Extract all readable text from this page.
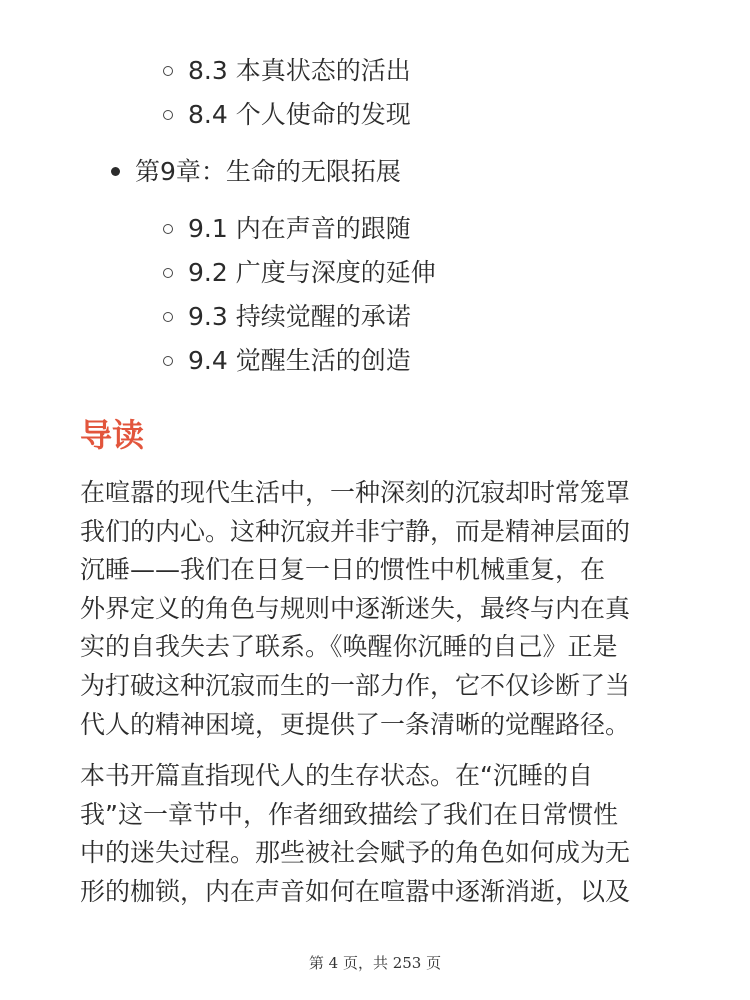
8.3 本真状态的活出
8.4 个人使命的发现
第9章：生命的无限拓展
9.1 内在声音的跟随
9.2 广度与深度的延伸
9.3 持续觉醒的承诺
9.4 觉醒生活的创造
导读

在喧嚣的现代生活中，一种深刻的沉寂却时常笼罩
我们的内心。这种沉寂并非宁静，而是精神层面的
沉睡——我们在日复一日的惯性中机械重复，在
外界定义的角色与规则中逐渐迷失，最终与内在真
实的自我失去了联系。《唤醒你沉睡的自己》正是
为打破这种沉寂而生的一部力作，它不仅诊断了当
代人的精神困境，更提供了一条清晰的觉醒路径。

本书开篇直指现代人的生存状态。在“沉睡的自
我”这一章节中，作者细致描绘了我们在日常惯性
中的迷失过程。那些被社会赋予的角色如何成为无
形的枷锁，内在声音如何在喧嚣中逐渐消逝，以及

第 4 页，共 253 页
